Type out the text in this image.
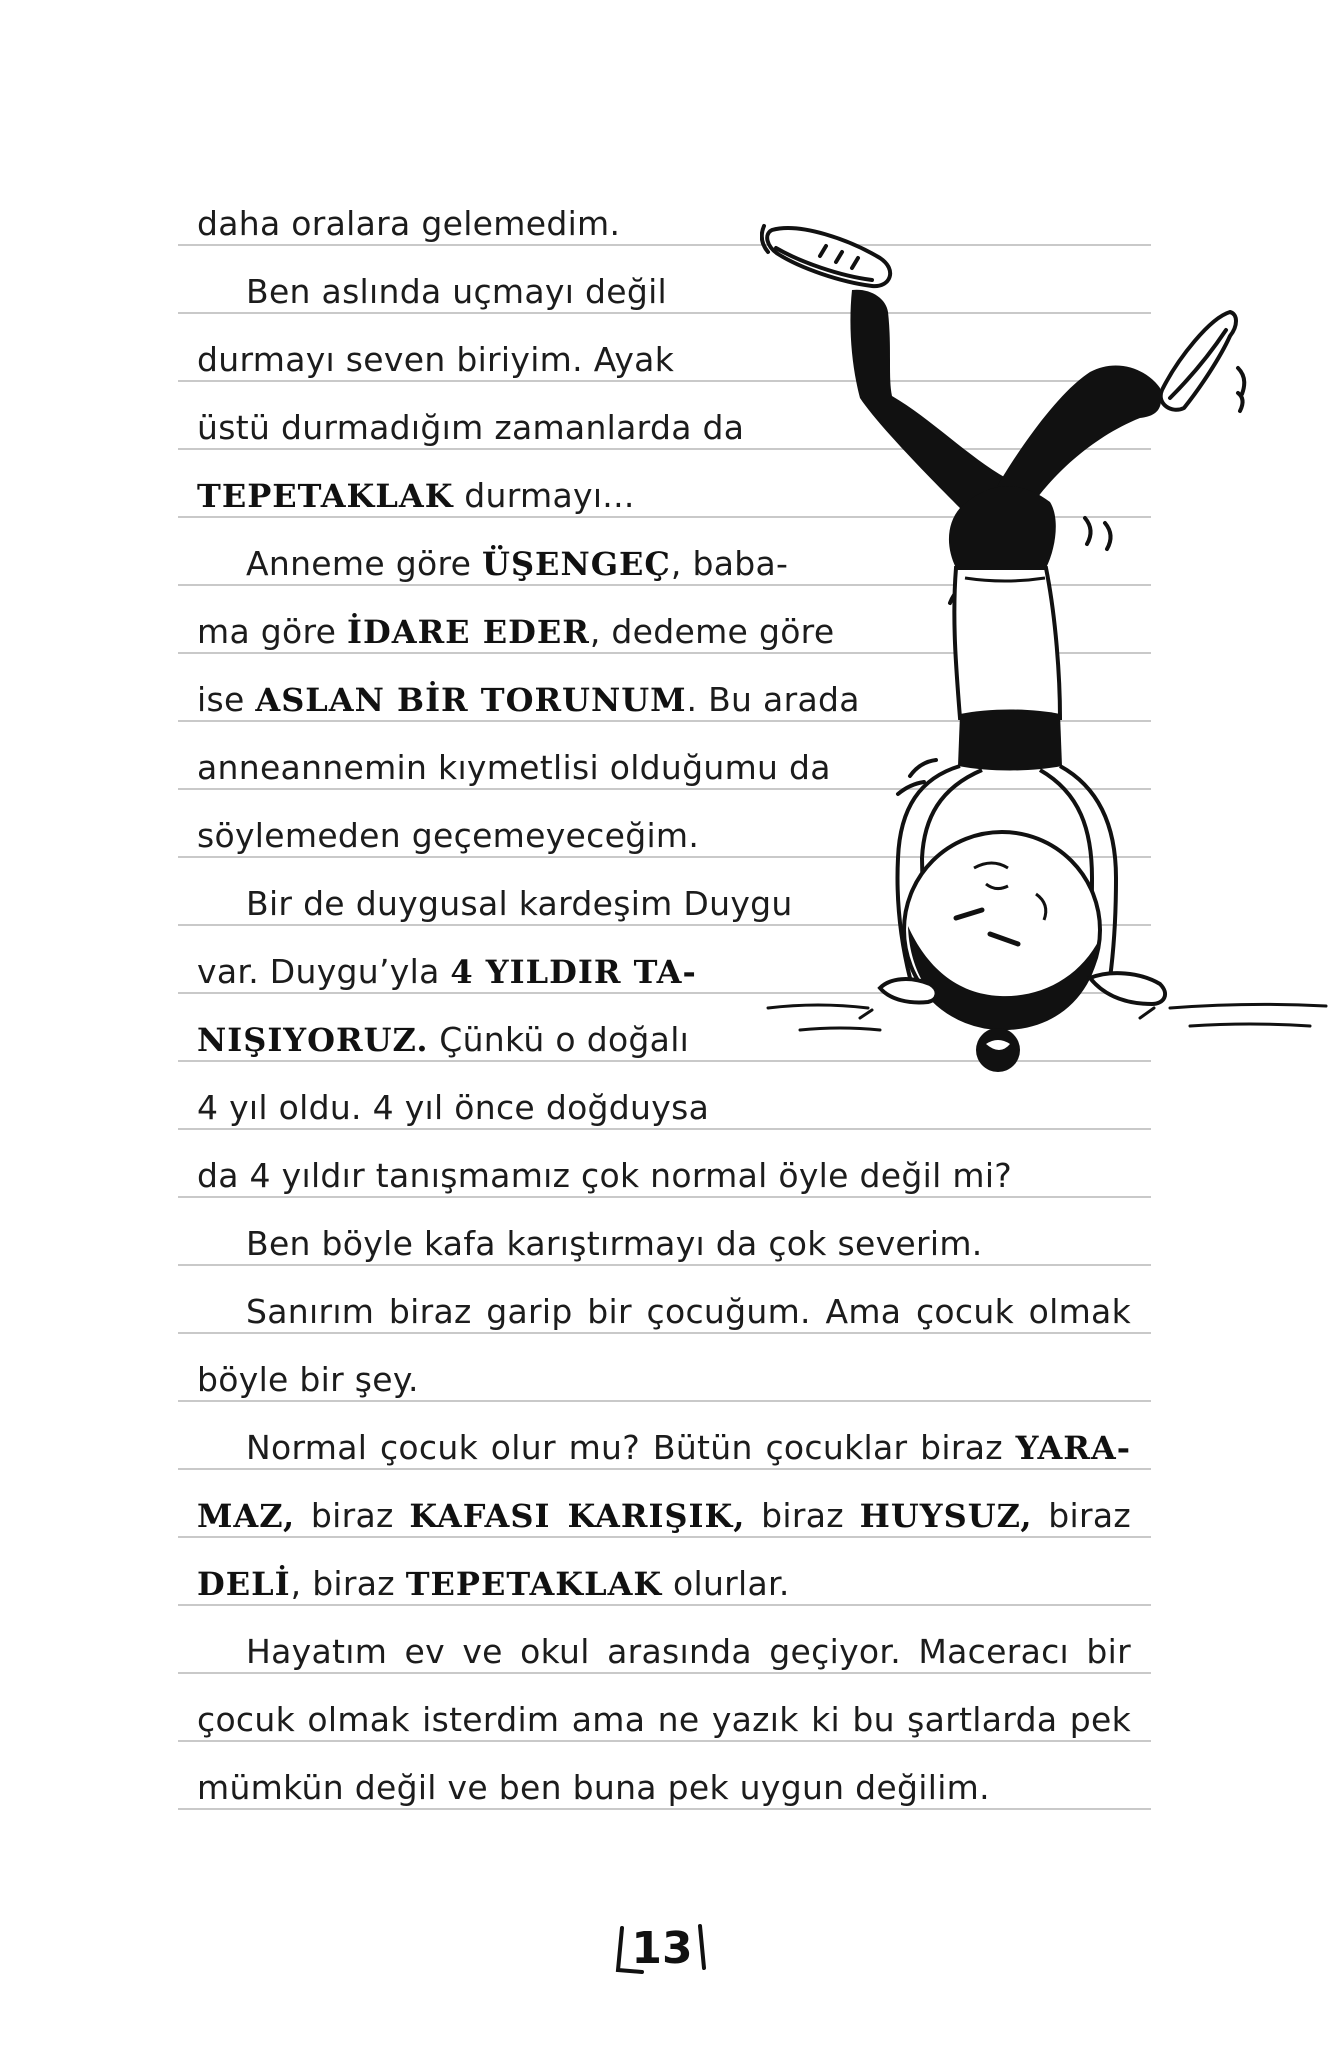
daha oralara gelemedim.
Ben aslında uçmayı değil
durmayı seven biriyim. Ayak
üstü durmadığım zamanlarda da
TEPETAKLAK durmayı...
Anneme göre ÜŞENGEÇ, baba-
ma göre İDARE EDER, dedeme göre
ise ASLAN BİR TORUNUM. Bu arada
anneannemin kıymetlisi olduğumu da
söylemeden geçemeyeceğim.
Bir de duygusal kardeşim Duygu
var. Duygu’yla 4 YILDIR TA-
NIŞIYORUZ. Çünkü o doğalı
4 yıl oldu. 4 yıl önce doğduysa
da 4 yıldır tanışmamız çok normal öyle değil mi?
Ben böyle kafa karıştırmayı da çok severim.
Sanırım biraz garip bir çocuğum. Ama çocuk olmak
böyle bir şey.
Normal çocuk olur mu? Bütün çocuklar biraz YARA-
MAZ, biraz KAFASI KARIŞIK, biraz HUYSUZ, biraz
DELİ, biraz TEPETAKLAK olurlar.
Hayatım ev ve okul arasında geçiyor. Maceracı bir
çocuk olmak isterdim ama ne yazık ki bu şartlarda pek
mümkün değil ve ben buna pek uygun değilim.
13
